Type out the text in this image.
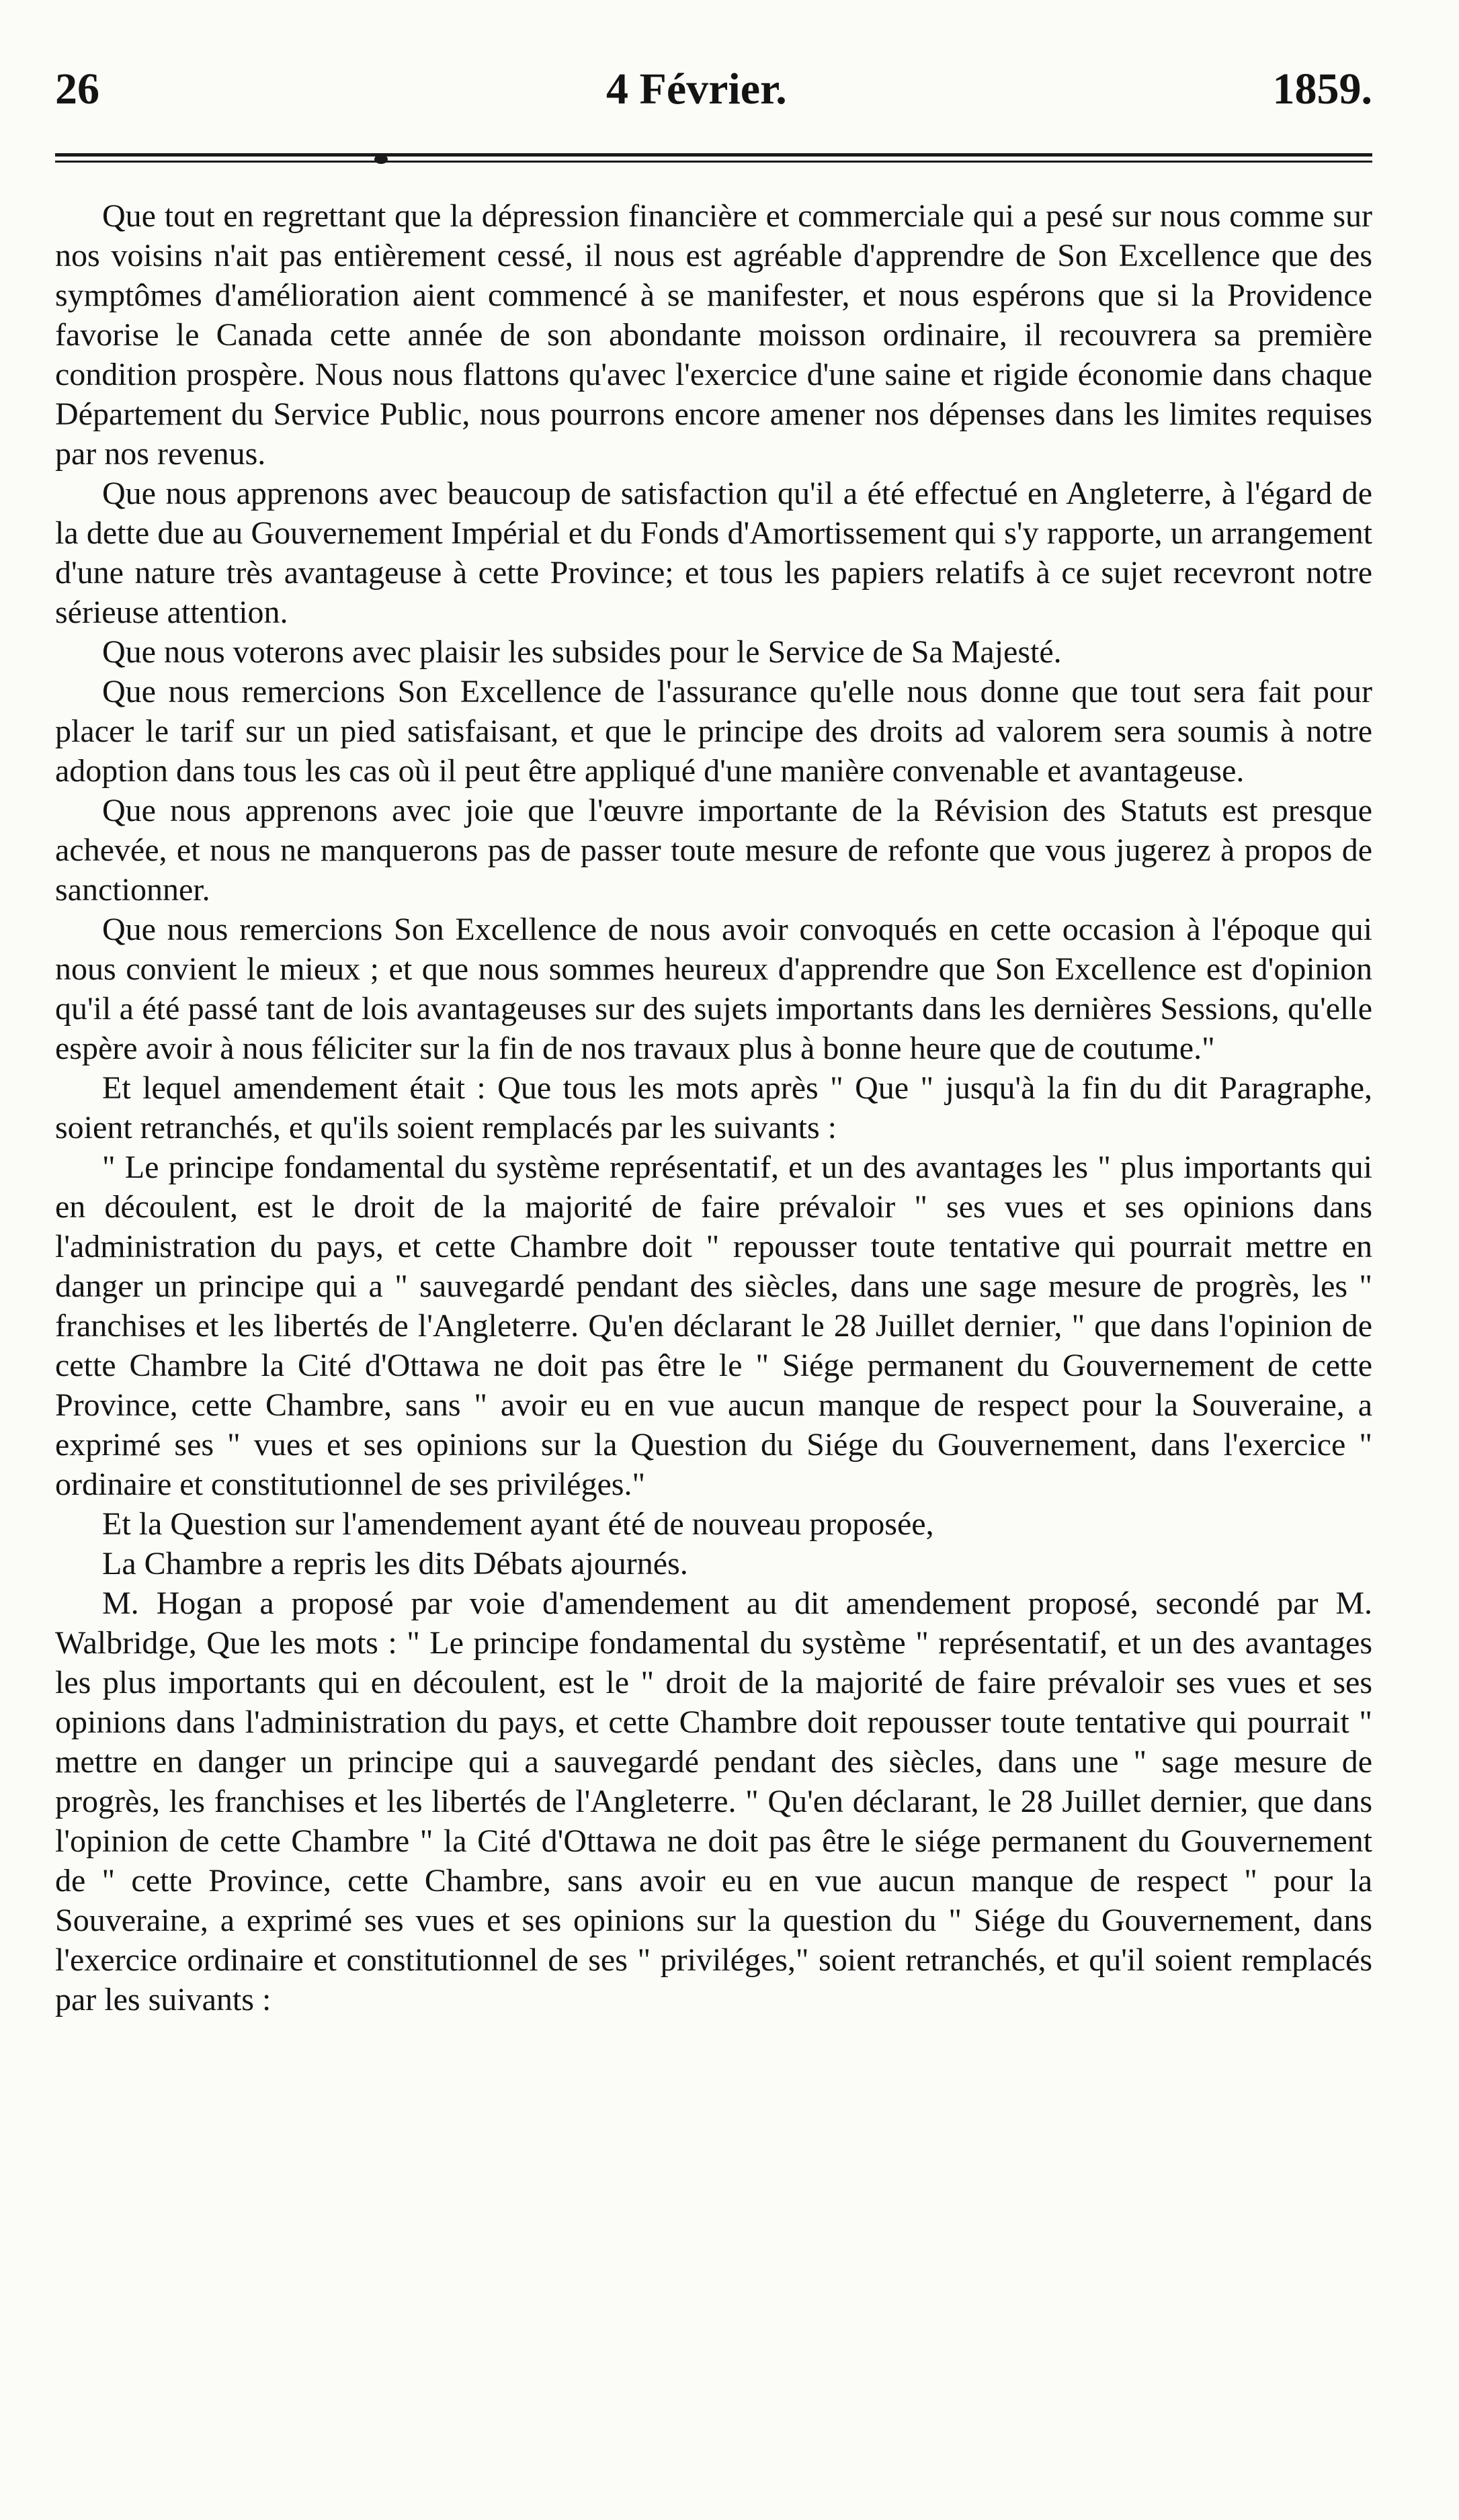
26	4 Février.	1859.

Que tout en regrettant que la dépression financière et commerciale qui a pesé sur nous comme sur nos voisins n'ait pas entièrement cessé, il nous est agréable d'apprendre de Son Excellence que des symptômes d'amélioration aient commencé à se manifester, et nous espérons que si la Providence favorise le Canada cette année de son abondante moisson ordinaire, il recouvrera sa première condition prospère. Nous nous flattons qu'avec l'exercice d'une saine et rigide économie dans chaque Département du Service Public, nous pourrons encore amener nos dépenses dans les limites requises par nos revenus.

Que nous apprenons avec beaucoup de satisfaction qu'il a été effectué en Angleterre, à l'égard de la dette due au Gouvernement Impérial et du Fonds d'Amortissement qui s'y rapporte, un arrangement d'une nature très avantageuse à cette Province; et tous les papiers relatifs à ce sujet recevront notre sérieuse attention.

Que nous voterons avec plaisir les subsides pour le Service de Sa Majesté.

Que nous remercions Son Excellence de l'assurance qu'elle nous donne que tout sera fait pour placer le tarif sur un pied satisfaisant, et que le principe des droits ad valorem sera soumis à notre adoption dans tous les cas où il peut être appliqué d'une manière convenable et avantageuse.

Que nous apprenons avec joie que l'œuvre importante de la Révision des Statuts est presque achevée, et nous ne manquerons pas de passer toute mesure de refonte que vous jugerez à propos de sanctionner.

Que nous remercions Son Excellence de nous avoir convoqués en cette occasion à l'époque qui nous convient le mieux ; et que nous sommes heureux d'apprendre que Son Excellence est d'opinion qu'il a été passé tant de lois avantageuses sur des sujets importants dans les dernières Sessions, qu'elle espère avoir à nous féliciter sur la fin de nos travaux plus à bonne heure que de coutume."

Et lequel amendement était : Que tous les mots après " Que " jusqu'à la fin du dit Paragraphe, soient retranchés, et qu'ils soient remplacés par les suivants :

" Le principe fondamental du système représentatif, et un des avantages les " plus importants qui en découlent, est le droit de la majorité de faire prévaloir " ses vues et ses opinions dans l'administration du pays, et cette Chambre doit " repousser toute tentative qui pourrait mettre en danger un principe qui a " sauvegardé pendant des siècles, dans une sage mesure de progrès, les " franchises et les libertés de l'Angleterre. Qu'en déclarant le 28 Juillet dernier, " que dans l'opinion de cette Chambre la Cité d'Ottawa ne doit pas être le " Siége permanent du Gouvernement de cette Province, cette Chambre, sans " avoir eu en vue aucun manque de respect pour la Souveraine, a exprimé ses " vues et ses opinions sur la Question du Siége du Gouvernement, dans l'exercice " ordinaire et constitutionnel de ses priviléges."

Et la Question sur l'amendement ayant été de nouveau proposée,

La Chambre a repris les dits Débats ajournés.

M. Hogan a proposé par voie d'amendement au dit amendement proposé, secondé par M. Walbridge, Que les mots : " Le principe fondamental du système " représentatif, et un des avantages les plus importants qui en découlent, est le " droit de la majorité de faire prévaloir ses vues et ses opinions dans l'administration du pays, et cette Chambre doit repousser toute tentative qui pourrait " mettre en danger un principe qui a sauvegardé pendant des siècles, dans une " sage mesure de progrès, les franchises et les libertés de l'Angleterre. " Qu'en déclarant, le 28 Juillet dernier, que dans l'opinion de cette Chambre " la Cité d'Ottawa ne doit pas être le siége permanent du Gouvernement de " cette Province, cette Chambre, sans avoir eu en vue aucun manque de respect " pour la Souveraine, a exprimé ses vues et ses opinions sur la question du " Siége du Gouvernement, dans l'exercice ordinaire et constitutionnel de ses " priviléges," soient retranchés, et qu'il soient remplacés par les suivants :
